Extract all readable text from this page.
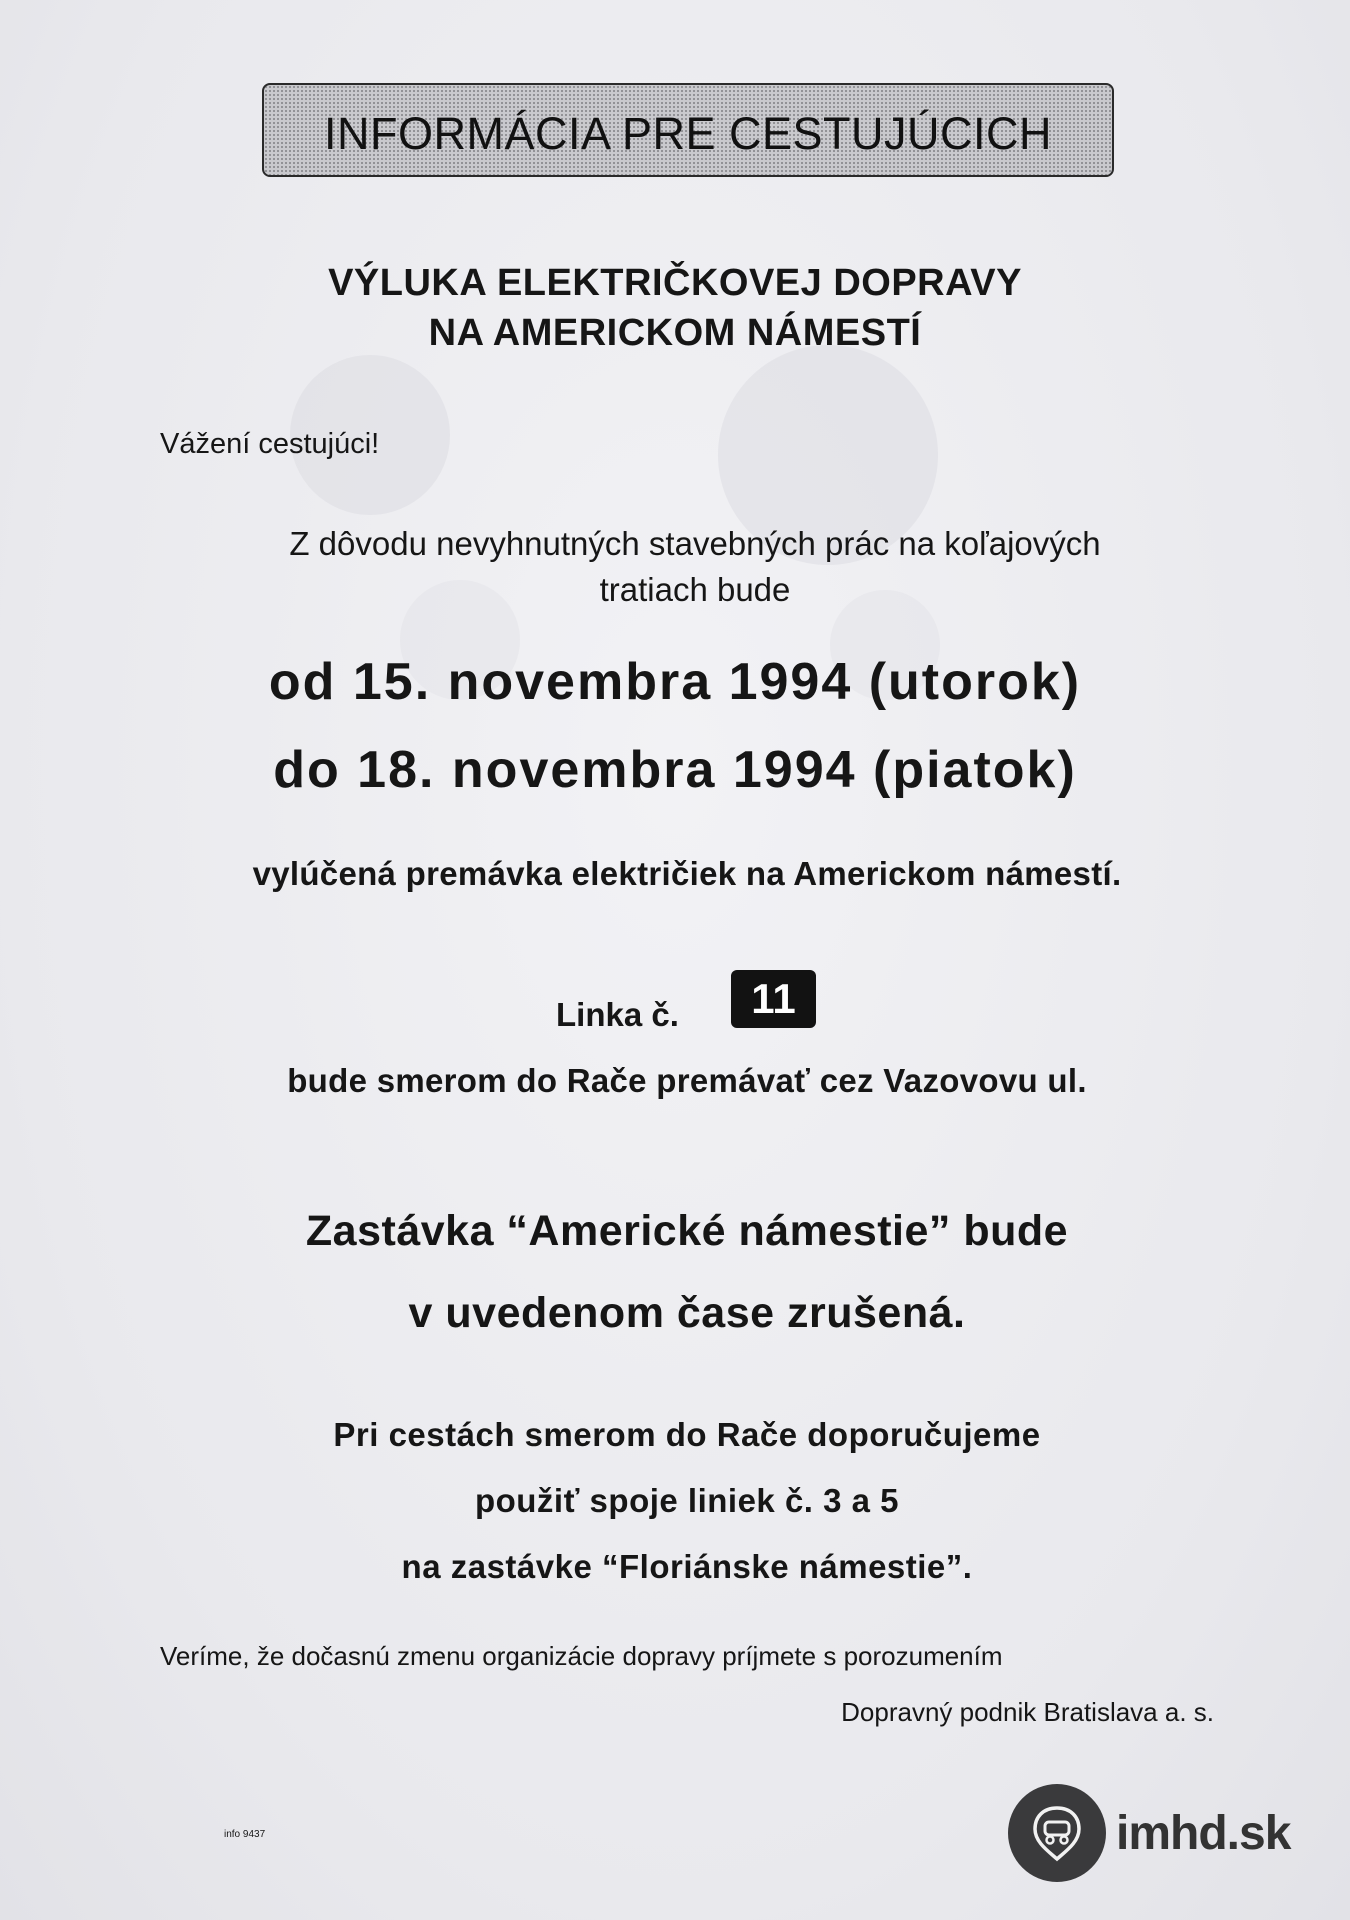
INFORMÁCIA PRE CESTUJÚCICH
VÝLUKA ELEKTRIČKOVEJ DOPRAVY
NA AMERICKOM NÁMESTÍ
Vážení cestujúci!
Z dôvodu nevyhnutných stavebných prác na koľajových
tratiach bude
od 15. novembra 1994 (utorok)
do 18. novembra 1994 (piatok)
vylúčená premávka električiek na Americkom námestí.
Linka č.	11
bude smerom do Rače premávať cez Vazovovu ul.
Zastávka “Americké námestie” bude
v uvedenom čase zrušená.
Pri cestách smerom do Rače doporučujeme
použiť spoje liniek č. 3 a 5
na zastávke “Floriánske námestie”.
Veríme, že dočasnú zmenu organizácie dopravy príjmete s porozumením
Dopravný podnik Bratislava a. s.
info 9437	imhd.sk
